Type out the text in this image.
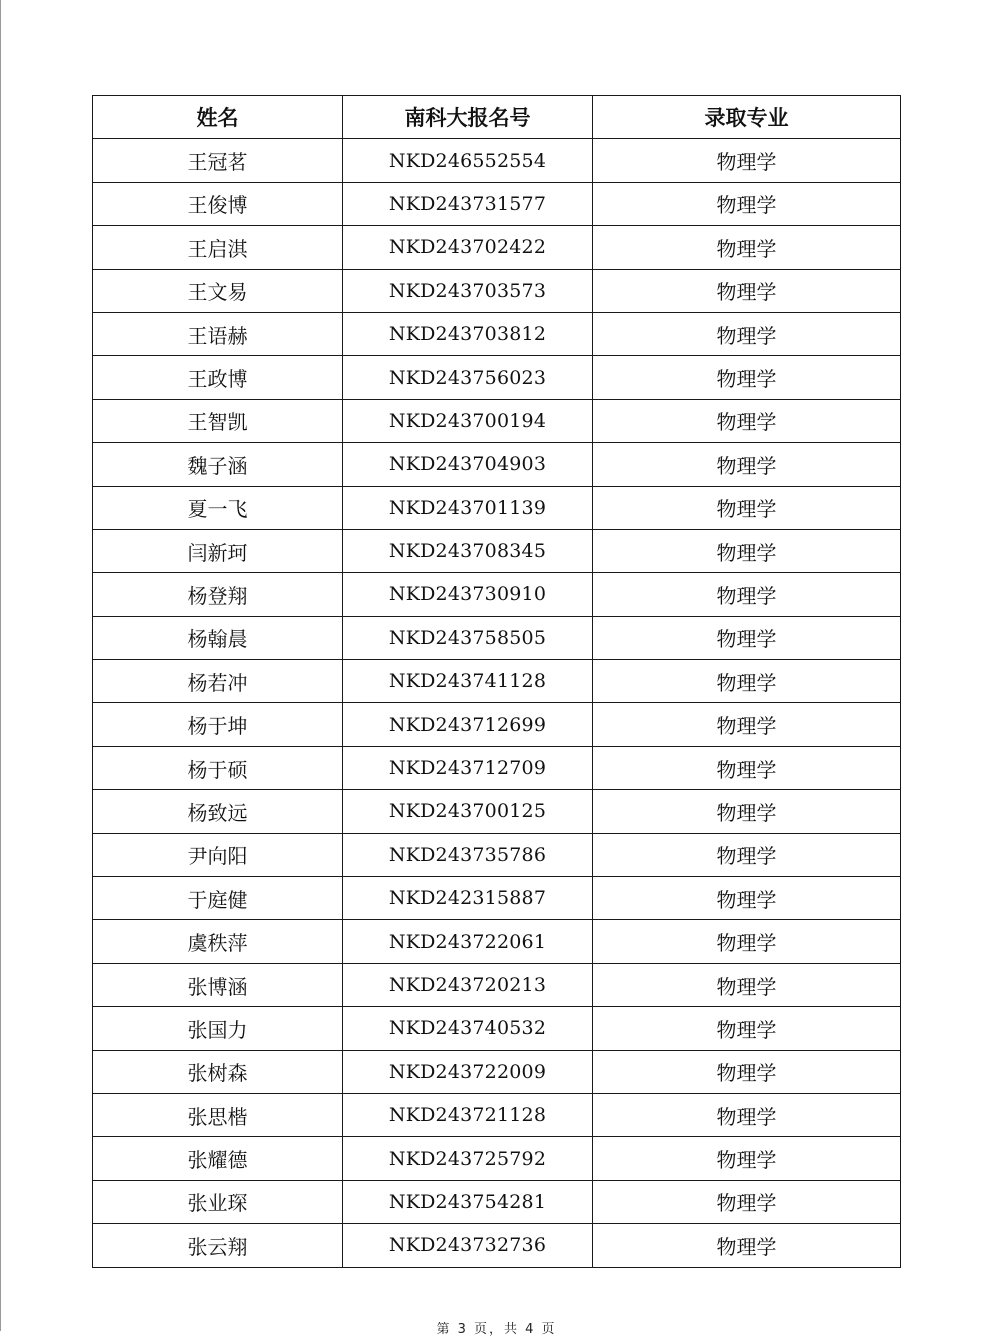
姓名	南科大报名号	录取专业
王冠茗	NKD246552554	物理学
王俊博	NKD243731577	物理学
王启淇	NKD243702422	物理学
王文易	NKD243703573	物理学
王语赫	NKD243703812	物理学
王政博	NKD243756023	物理学
王智凯	NKD243700194	物理学
魏子涵	NKD243704903	物理学
夏一飞	NKD243701139	物理学
闫新珂	NKD243708345	物理学
杨登翔	NKD243730910	物理学
杨翰晨	NKD243758505	物理学
杨若冲	NKD243741128	物理学
杨于坤	NKD243712699	物理学
杨于硕	NKD243712709	物理学
杨致远	NKD243700125	物理学
尹向阳	NKD243735786	物理学
于庭健	NKD242315887	物理学
虞秩萍	NKD243722061	物理学
张博涵	NKD243720213	物理学
张国力	NKD243740532	物理学
张树森	NKD243722009	物理学
张思楷	NKD243721128	物理学
张耀德	NKD243725792	物理学
张业琛	NKD243754281	物理学
张云翔	NKD243732736	物理学
第 3 页，共 4 页
